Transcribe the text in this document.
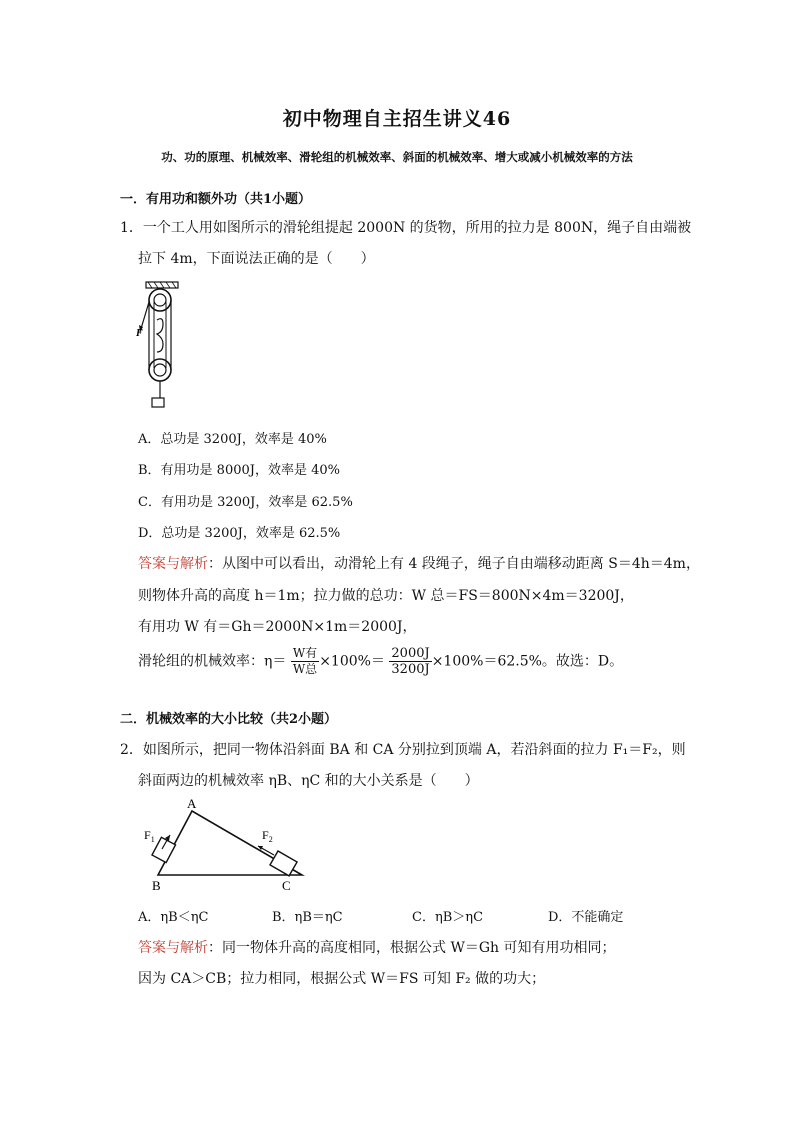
初中物理自主招生讲义46
功、功的原理、机械效率、滑轮组的机械效率、斜面的机械效率、增大或减小机械效率的方法
一．有用功和额外功（共1小题）
1．一个工人用如图所示的滑轮组提起 2000N 的货物，所用的拉力是 800N，绳子自由端被
拉下 4m，下面说法正确的是（　　）
F
A．总功是 3200J，效率是 40%
B．有用功是 8000J，效率是 40%
C．有用功是 3200J，效率是 62.5%
D．总功是 3200J，效率是 62.5%
答案与解析：从图中可以看出，动滑轮上有 4 段绳子，绳子自由端移动距离 S＝4h＝4m，
则物体升高的高度 h＝1m；拉力做的总功：W 总＝FS＝800N×4m＝3200J，
有用功 W 有＝Gh＝2000N×1m＝2000J，
滑轮组的机械效率：$\eta= \frac{\text{W有}}{\text{W总}} \times 100\%= \frac{2000J}{3200J} \times 100\%=62.5\%$。故选：D。
二．机械效率的大小比较（共2小题）
2．如图所示，把同一物体沿斜面 BA 和 CA 分别拉到顶端 A，若沿斜面的拉力 F₁＝F₂，则
斜面两边的机械效率 ηB、ηC 和的大小关系是（　　）
A
B	C
$F_1$	$F_2$
A．ηB＜ηC	B．ηB＝ηC	C．ηB＞ηC	D．不能确定
答案与解析：同一物体升高的高度相同，根据公式 W＝Gh 可知有用功相同；
因为 CA＞CB；拉力相同，根据公式 W＝FS 可知 F₂ 做的功大；
